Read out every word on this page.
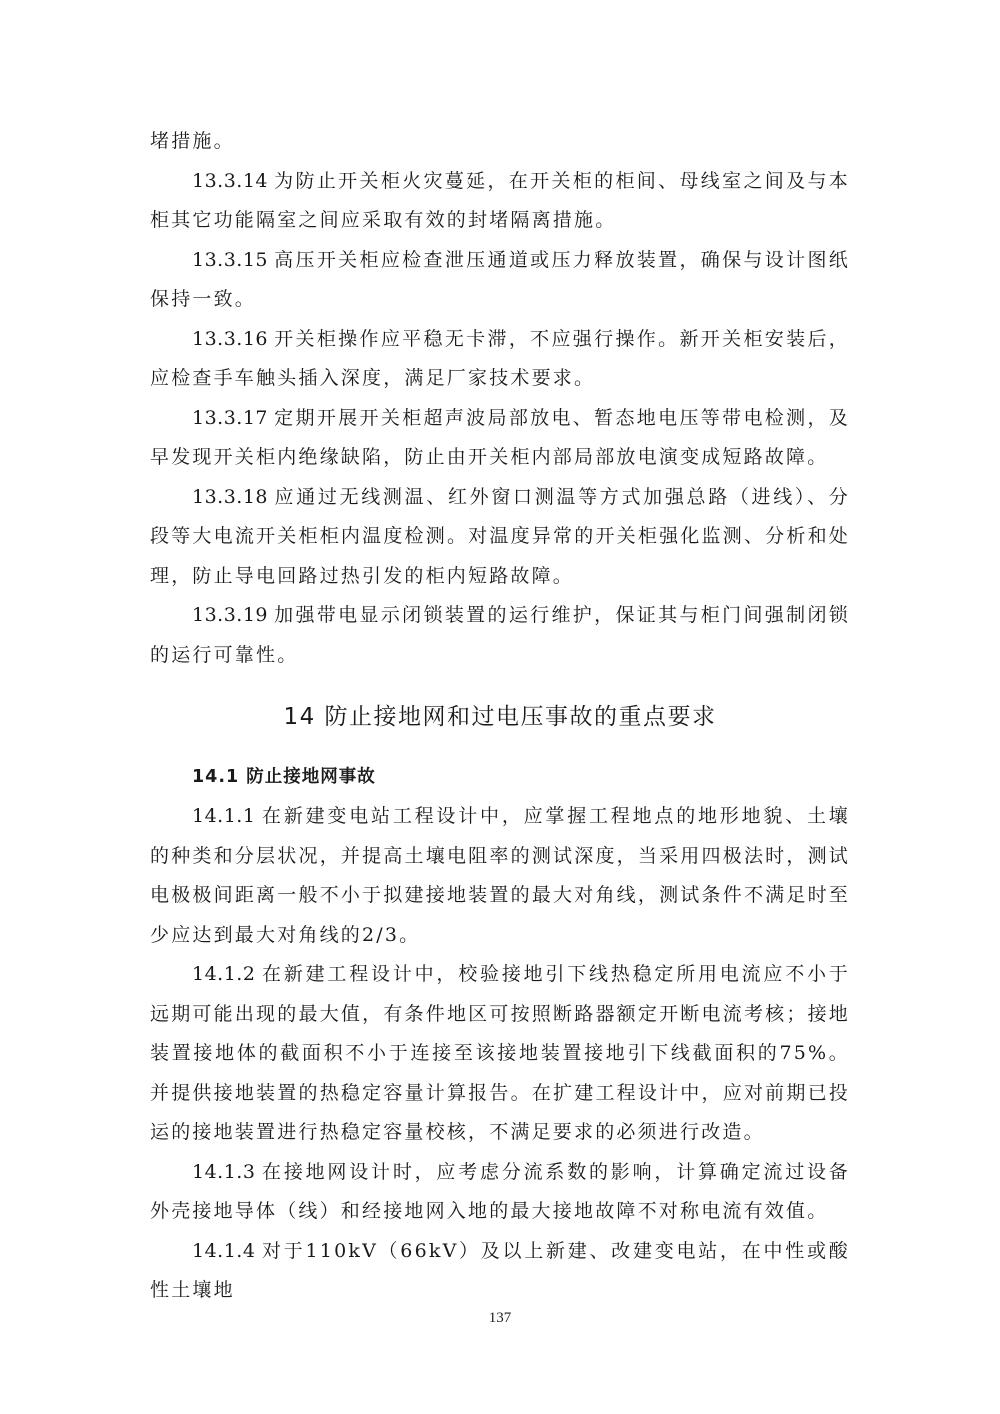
堵措施。

13.3.14 为防止开关柜火灾蔓延，在开关柜的柜间、母线室之间及与本柜其它功能隔室之间应采取有效的封堵隔离措施。

13.3.15 高压开关柜应检查泄压通道或压力释放装置，确保与设计图纸保持一致。

13.3.16 开关柜操作应平稳无卡滞，不应强行操作。新开关柜安装后，应检查手车触头插入深度，满足厂家技术要求。

13.3.17 定期开展开关柜超声波局部放电、暂态地电压等带电检测，及早发现开关柜内绝缘缺陷，防止由开关柜内部局部放电演变成短路故障。

13.3.18 应通过无线测温、红外窗口测温等方式加强总路（进线）、分段等大电流开关柜柜内温度检测。对温度异常的开关柜强化监测、分析和处理，防止导电回路过热引发的柜内短路故障。

13.3.19 加强带电显示闭锁装置的运行维护，保证其与柜门间强制闭锁的运行可靠性。

14 防止接地网和过电压事故的重点要求
14.1 防止接地网事故

14.1.1 在新建变电站工程设计中，应掌握工程地点的地形地貌、土壤的种类和分层状况，并提高土壤电阻率的测试深度，当采用四极法时，测试电极极间距离一般不小于拟建接地装置的最大对角线，测试条件不满足时至少应达到最大对角线的2/3。

14.1.2 在新建工程设计中，校验接地引下线热稳定所用电流应不小于远期可能出现的最大值，有条件地区可按照断路器额定开断电流考核；接地装置接地体的截面积不小于连接至该接地装置接地引下线截面积的75%。并提供接地装置的热稳定容量计算报告。在扩建工程设计中，应对前期已投运的接地装置进行热稳定容量校核，不满足要求的必须进行改造。

14.1.3 在接地网设计时，应考虑分流系数的影响，计算确定流过设备外壳接地导体（线）和经接地网入地的最大接地故障不对称电流有效值。

14.1.4 对于110kV（66kV）及以上新建、改建变电站，在中性或酸性土壤地

137
